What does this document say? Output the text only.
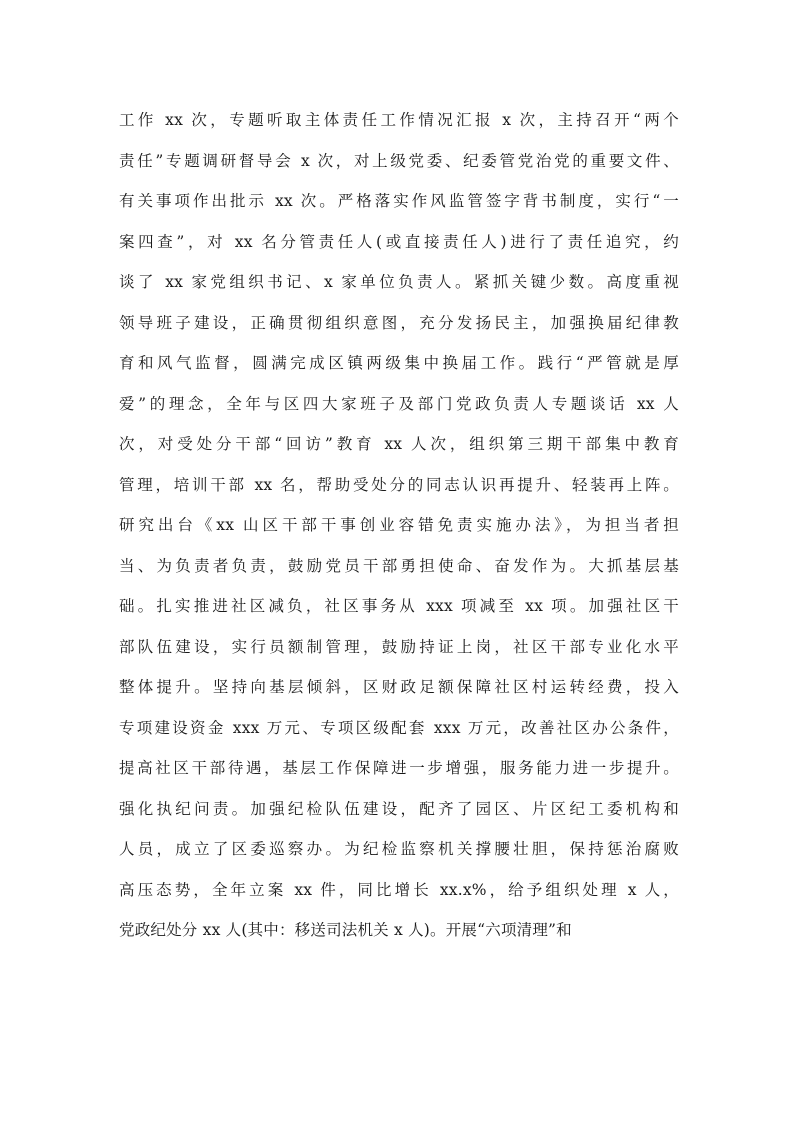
工作 xx 次，专题听取主体责任工作情况汇报 x 次，主持召开“两个
责任”专题调研督导会 x 次，对上级党委、纪委管党治党的重要文件、
有关事项作出批示 xx 次。严格落实作风监管签字背书制度，实行“一
案四查”，对 xx 名分管责任人(或直接责任人)进行了责任追究，约
谈了 xx 家党组织书记、x 家单位负责人。紧抓关键少数。高度重视
领导班子建设，正确贯彻组织意图，充分发扬民主，加强换届纪律教
育和风气监督，圆满完成区镇两级集中换届工作。践行“严管就是厚
爱”的理念，全年与区四大家班子及部门党政负责人专题谈话 xx 人
次，对受处分干部“回访”教育 xx 人次，组织第三期干部集中教育
管理，培训干部 xx 名，帮助受处分的同志认识再提升、轻装再上阵。
研究出台《xx 山区干部干事创业容错免责实施办法》，为担当者担
当、为负责者负责，鼓励党员干部勇担使命、奋发作为。大抓基层基
础。扎实推进社区减负，社区事务从 xxx 项减至 xx 项。加强社区干
部队伍建设，实行员额制管理，鼓励持证上岗，社区干部专业化水平
整体提升。坚持向基层倾斜，区财政足额保障社区村运转经费，投入
专项建设资金 xxx 万元、专项区级配套 xxx 万元，改善社区办公条件，
提高社区干部待遇，基层工作保障进一步增强，服务能力进一步提升。
强化执纪问责。加强纪检队伍建设，配齐了园区、片区纪工委机构和
人员，成立了区委巡察办。为纪检监察机关撑腰壮胆，保持惩治腐败
高压态势，全年立案 xx 件，同比增长 xx.x%，给予组织处理 x 人，
党政纪处分 xx 人(其中：移送司法机关 x 人)。开展“六项清理”和
